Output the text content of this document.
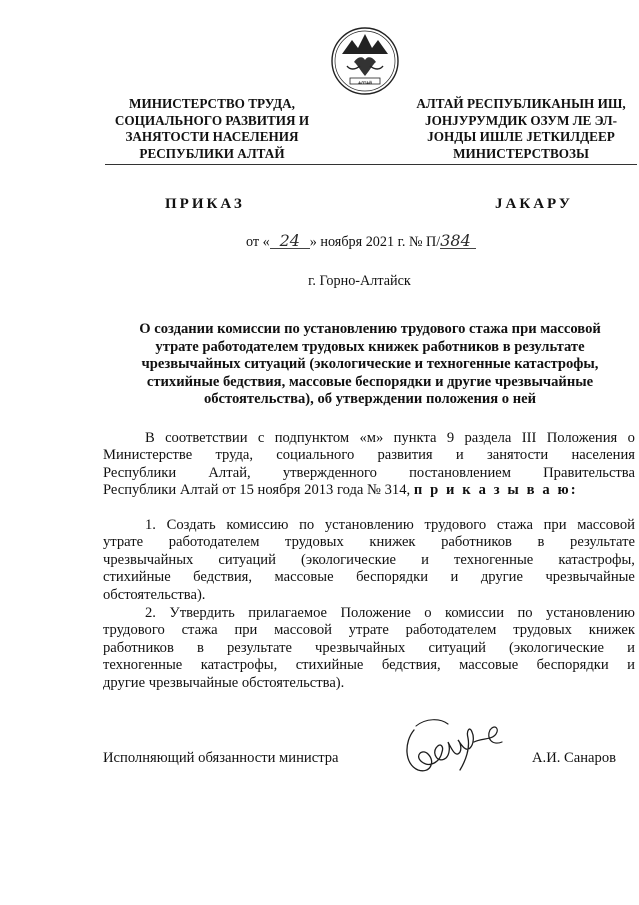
АЛТАЙ
МИНИСТЕРСТВО ТРУДА,
СОЦИАЛЬНОГО РАЗВИТИЯ И
ЗАНЯТОСТИ НАСЕЛЕНИЯ
РЕСПУБЛИКИ АЛТАЙ
АЛТАЙ РЕСПУБЛИКАНЫН ИШ,
ЈОНЈУРУМДИК ОЗУМ ЛЕ ЭЛ-
ЈОНДЫ ИШЛЕ ЈЕТКИЛДЕЕР
МИНИСТЕРСТВОЗЫ
ПРИКАЗ	ЈАКАРУ
от « 24 » ноября 2021 г. № П/384
г. Горно-Алтайск
О создании комиссии по установлению трудового стажа при массовой
утрате работодателем трудовых книжек работников в результате
чрезвычайных ситуаций (экологические и техногенные катастрофы,
стихийные бедствия, массовые беспорядки и другие чрезвычайные
обстоятельства), об утверждении положения о ней
В соответствии с подпунктом «м» пункта 9 раздела III Положения о
Министерстве труда, социального развития и занятости населения
Республики Алтай, утвержденного постановлением Правительства
Республики Алтай от 15 ноября 2013 года № 314, п р и к а з ы в а ю:
1. Создать комиссию по установлению трудового стажа при массовой
утрате работодателем трудовых книжек работников в результате
чрезвычайных ситуаций (экологические и техногенные катастрофы,
стихийные бедствия, массовые беспорядки и другие чрезвычайные
обстоятельства).
2. Утвердить прилагаемое Положение о комиссии по установлению
трудового стажа при массовой утрате работодателем трудовых книжек
работников в результате чрезвычайных ситуаций (экологические и
техногенные катастрофы, стихийные бедствия, массовые беспорядки и
другие чрезвычайные обстоятельства).
Исполняющий обязанности министра	А.И. Санаров
